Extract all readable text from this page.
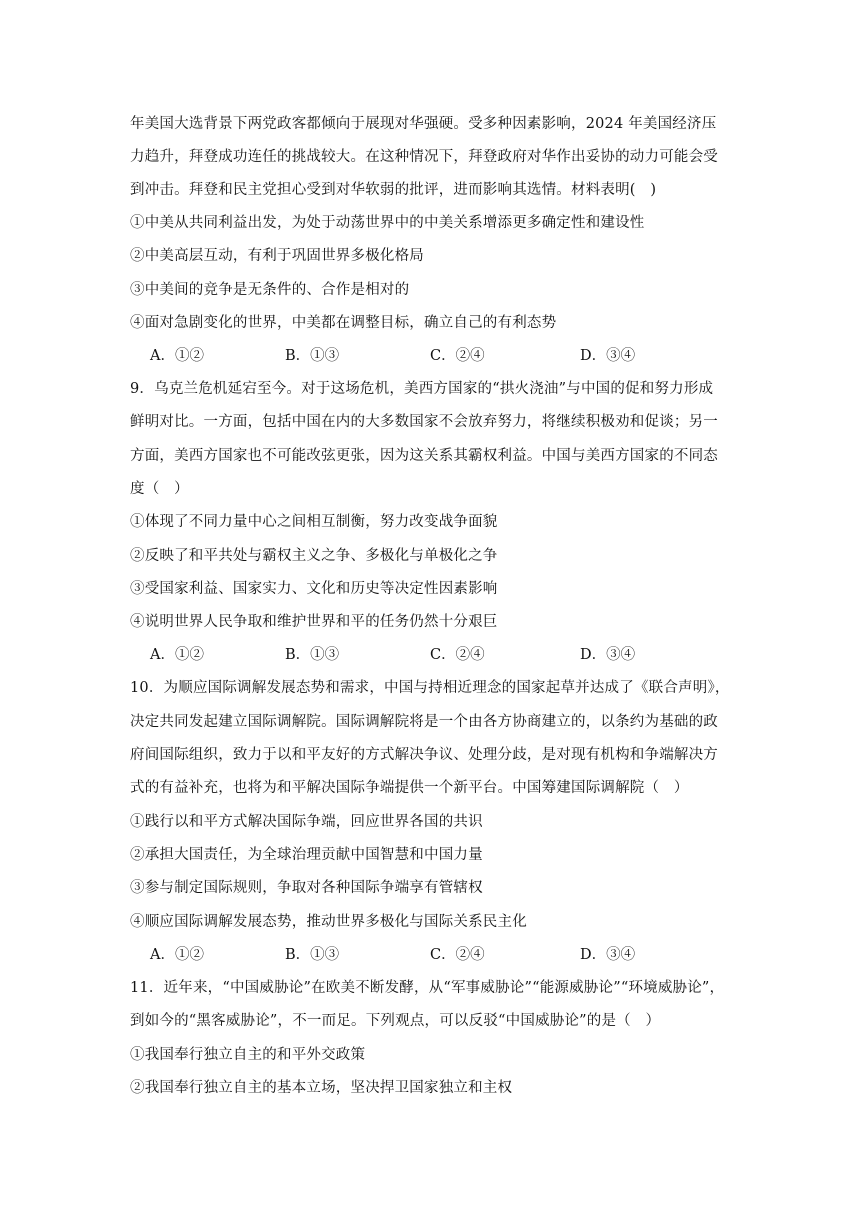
年美国大选背景下两党政客都倾向于展现对华强硬。受多种因素影响，2024 年美国经济压
力趋升，拜登成功连任的挑战较大。在这种情况下，拜登政府对华作出妥协的动力可能会受
到冲击。拜登和民主党担心受到对华软弱的批评，进而影响其选情。材料表明(　)
①中美从共同利益出发，为处于动荡世界中的中美关系增添更多确定性和建设性
②中美高层互动，有利于巩固世界多极化格局
③中美间的竞争是无条件的、合作是相对的
④面对急剧变化的世界，中美都在调整目标，确立自己的有利态势
A．①②	B．①③	C．②④	D．③④
9．乌克兰危机延宕至今。对于这场危机，美西方国家的“拱火浇油”与中国的促和努力形成
鲜明对比。一方面，包括中国在内的大多数国家不会放弃努力，将继续积极劝和促谈；另一
方面，美西方国家也不可能改弦更张，因为这关系其霸权利益。中国与美西方国家的不同态
度（　）
①体现了不同力量中心之间相互制衡，努力改变战争面貌
②反映了和平共处与霸权主义之争、多极化与单极化之争
③受国家利益、国家实力、文化和历史等决定性因素影响
④说明世界人民争取和维护世界和平的任务仍然十分艰巨
A．①②	B．①③	C．②④	D．③④
10．为顺应国际调解发展态势和需求，中国与持相近理念的国家起草并达成了《联合声明》，
决定共同发起建立国际调解院。国际调解院将是一个由各方协商建立的，以条约为基础的政
府间国际组织，致力于以和平友好的方式解决争议、处理分歧，是对现有机构和争端解决方
式的有益补充，也将为和平解决国际争端提供一个新平台。中国筹建国际调解院（　）
①践行以和平方式解决国际争端，回应世界各国的共识
②承担大国责任，为全球治理贡献中国智慧和中国力量
③参与制定国际规则，争取对各种国际争端享有管辖权
④顺应国际调解发展态势，推动世界多极化与国际关系民主化
A．①②	B．①③	C．②④	D．③④
11．近年来，“中国威胁论”在欧美不断发酵，从“军事威胁论”“能源威胁论”“环境威胁论”，
到如今的“黑客威胁论”，不一而足。下列观点，可以反驳“中国威胁论”的是（　）
①我国奉行独立自主的和平外交政策
②我国奉行独立自主的基本立场，坚决捍卫国家独立和主权
